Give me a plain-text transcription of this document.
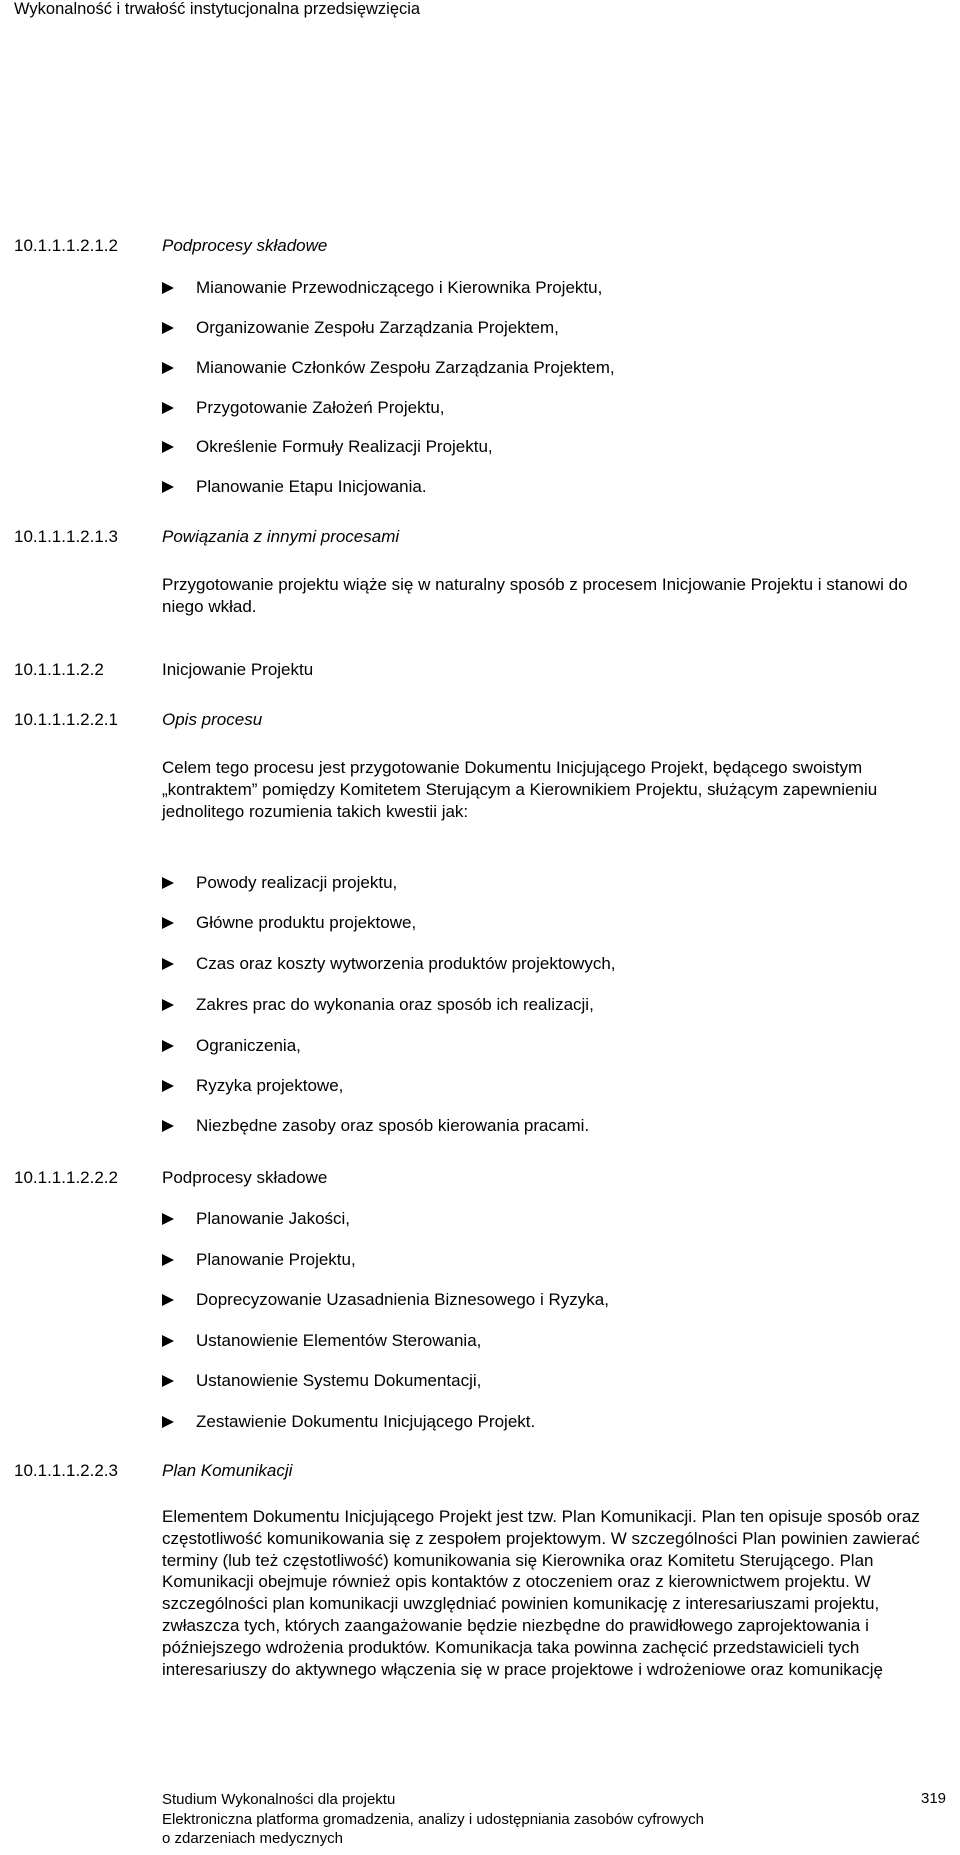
Wykonalność i trwałość instytucjonalna przedsięwzięcia
10.1.1.1.2.1.2	Podprocesy składowe
Mianowanie Przewodniczącego i Kierownika Projektu,
Organizowanie Zespołu Zarządzania Projektem,
Mianowanie Członków Zespołu Zarządzania Projektem,
Przygotowanie Założeń Projektu,
Określenie Formuły Realizacji Projektu,
Planowanie Etapu Inicjowania.
10.1.1.1.2.1.3	Powiązania z innymi procesami
Przygotowanie projektu wiąże się w naturalny sposób z procesem Inicjowanie Projektu i stanowi do niego wkład.
10.1.1.1.2.2	Inicjowanie Projektu
10.1.1.1.2.2.1	Opis procesu
Celem tego procesu jest przygotowanie Dokumentu Inicjującego Projekt, będącego swoistym „kontraktem” pomiędzy Komitetem Sterującym a Kierownikiem Projektu, służącym zapewnieniu jednolitego rozumienia takich kwestii jak:
Powody realizacji projektu,
Główne produktu projektowe,
Czas oraz koszty wytworzenia produktów projektowych,
Zakres prac do wykonania oraz sposób ich realizacji,
Ograniczenia,
Ryzyka projektowe,
Niezbędne zasoby oraz sposób kierowania pracami.
10.1.1.1.2.2.2	Podprocesy składowe
Planowanie Jakości,
Planowanie Projektu,
Doprecyzowanie Uzasadnienia Biznesowego i Ryzyka,
Ustanowienie Elementów Sterowania,
Ustanowienie Systemu Dokumentacji,
Zestawienie Dokumentu Inicjującego Projekt.
10.1.1.1.2.2.3	Plan Komunikacji
Elementem Dokumentu Inicjującego Projekt jest tzw. Plan Komunikacji. Plan ten opisuje sposób oraz częstotliwość komunikowania się z zespołem projektowym. W szczególności Plan powinien zawierać terminy (lub też częstotliwość) komunikowania się Kierownika oraz Komitetu Sterującego. Plan Komunikacji obejmuje również opis kontaktów z otoczeniem oraz z kierownictwem projektu. W szczególności plan komunikacji uwzględniać powinien komunikację z interesariuszami projektu, zwłaszcza tych, których zaangażowanie będzie niezbędne do prawidłowego zaprojektowania i późniejszego wdrożenia produktów. Komunikacja taka powinna zachęcić przedstawicieli tych interesariuszy do aktywnego włączenia się w prace projektowe i wdrożeniowe oraz komunikację
Studium Wykonalności dla projektu
Elektroniczna platforma gromadzenia, analizy i udostępniania zasobów cyfrowych
o zdarzeniach medycznych
319
